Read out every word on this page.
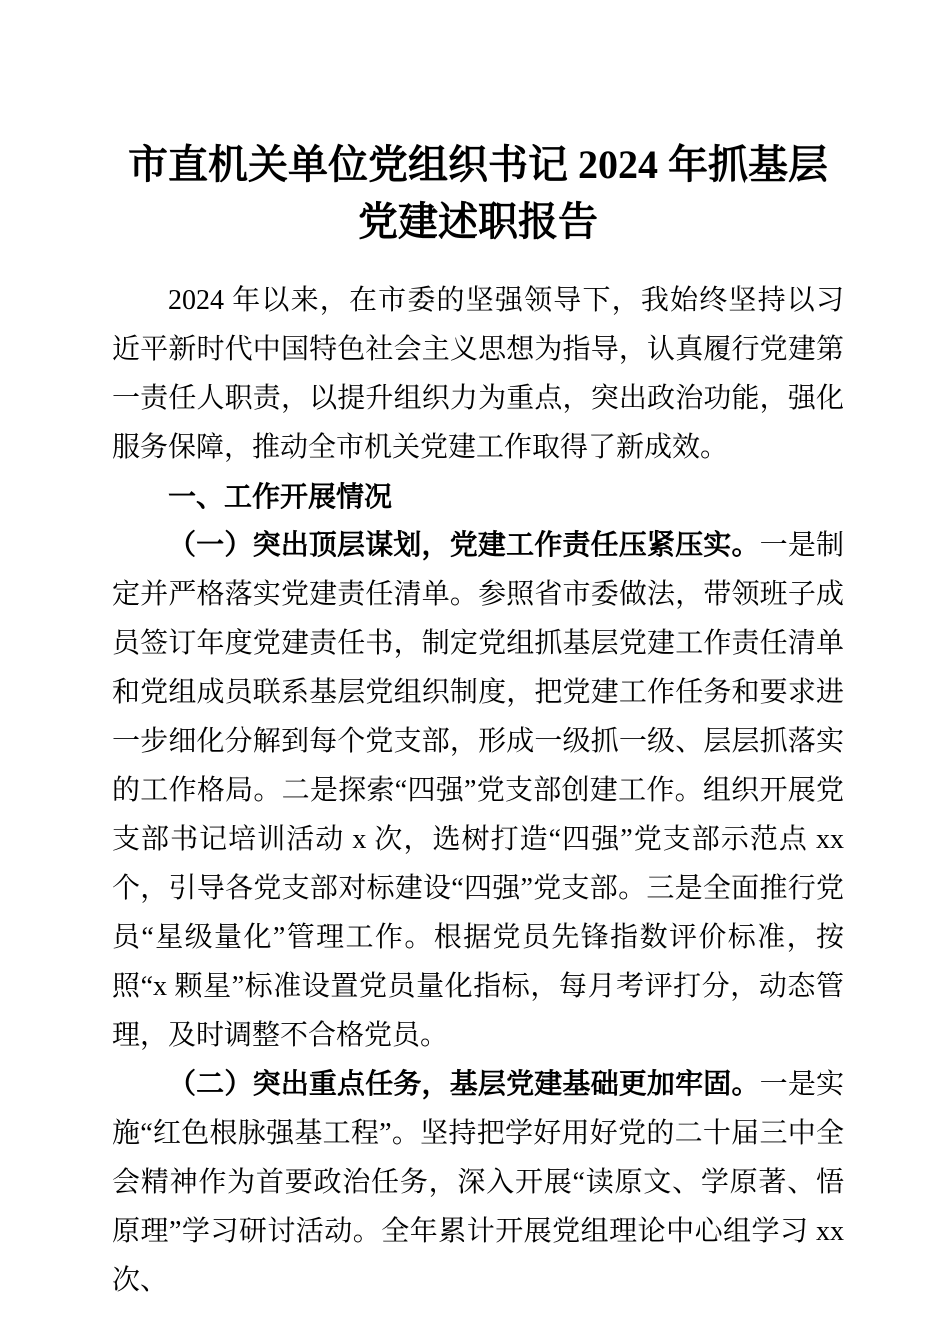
市直机关单位党组织书记 2024 年抓基层党建述职报告

2024 年以来，在市委的坚强领导下，我始终坚持以习近平新时代中国特色社会主义思想为指导，认真履行党建第一责任人职责，以提升组织力为重点，突出政治功能，强化服务保障，推动全市机关党建工作取得了新成效。

一、工作开展情况

（一）突出顶层谋划，党建工作责任压紧压实。一是制定并严格落实党建责任清单。参照省市委做法，带领班子成员签订年度党建责任书，制定党组抓基层党建工作责任清单和党组成员联系基层党组织制度，把党建工作任务和要求进一步细化分解到每个党支部，形成一级抓一级、层层抓落实的工作格局。二是探索“四强”党支部创建工作。组织开展党支部书记培训活动 x 次，选树打造“四强”党支部示范点 xx 个，引导各党支部对标建设“四强”党支部。三是全面推行党员“星级量化”管理工作。根据党员先锋指数评价标准，按照“x 颗星”标准设置党员量化指标，每月考评打分，动态管理，及时调整不合格党员。

（二）突出重点任务，基层党建基础更加牢固。一是实施“红色根脉强基工程”。坚持把学好用好党的二十届三中全会精神作为首要政治任务，深入开展“读原文、学原著、悟原理”学习研讨活动。全年累计开展党组理论中心组学习 xx 次、
